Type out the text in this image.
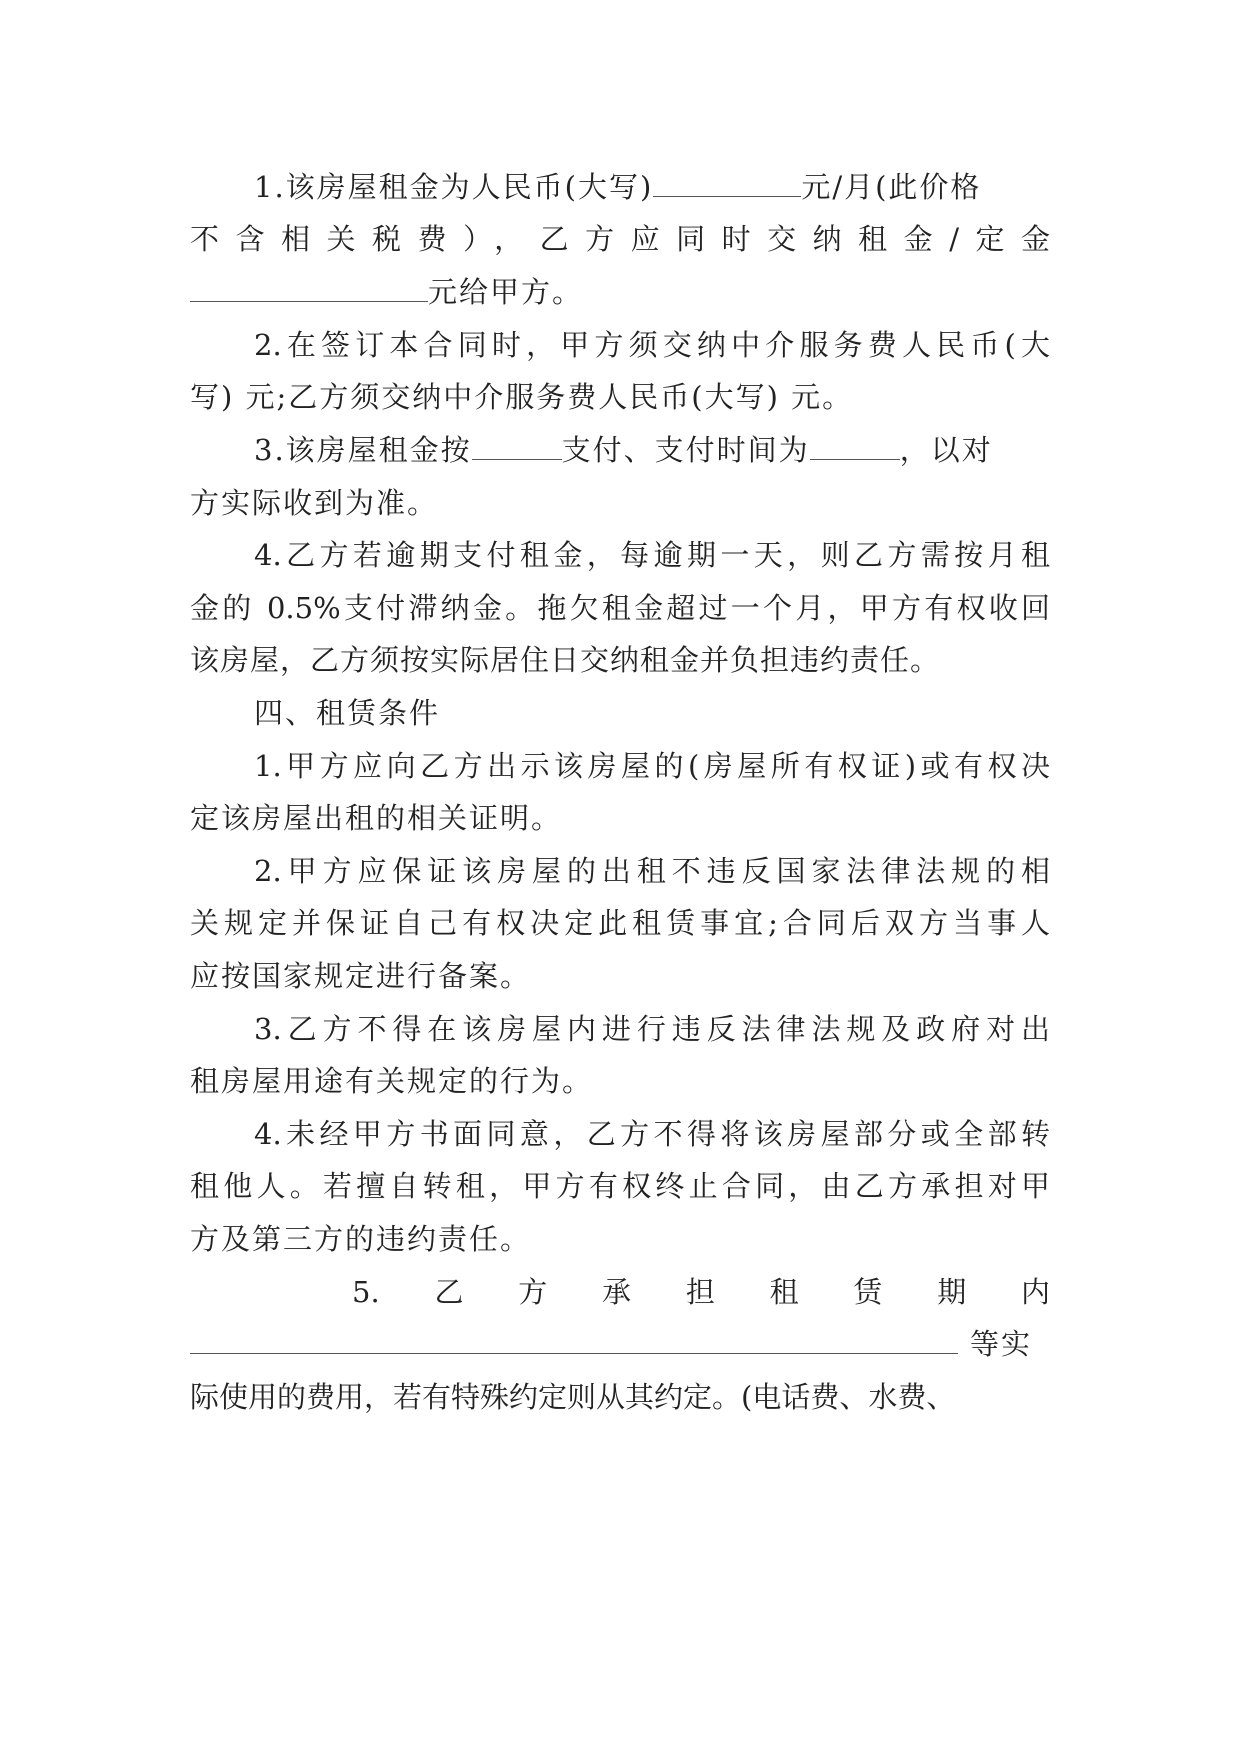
1.该房屋租金为人民币(大写)	元/月(此价格
不含相关税费），乙方应同时交纳租金/定金
元给甲方。
2.在签订本合同时，甲方须交纳中介服务费人民币(大
写) 元;乙方须交纳中介服务费人民币(大写) 元。
3.该房屋租金按	支付、支付时间为	，以对
方实际收到为准。
4.乙方若逾期支付租金，每逾期一天，则乙方需按月租
金的 0.5%支付滞纳金。拖欠租金超过一个月，甲方有权收回
该房屋，乙方须按实际居住日交纳租金并负担违约责任。
四、租赁条件
1.甲方应向乙方出示该房屋的(房屋所有权证)或有权决
定该房屋出租的相关证明。
2.甲方应保证该房屋的出租不违反国家法律法规的相
关规定并保证自己有权决定此租赁事宜;合同后双方当事人
应按国家规定进行备案。
3.乙方不得在该房屋内进行违反法律法规及政府对出
租房屋用途有关规定的行为。
4.未经甲方书面同意，乙方不得将该房屋部分或全部转
租他人。若擅自转租，甲方有权终止合同，由乙方承担对甲
方及第三方的违约责任。
5.乙方承担租赁期内
等实
际使用的费用，若有特殊约定则从其约定。(电话费、水费、
